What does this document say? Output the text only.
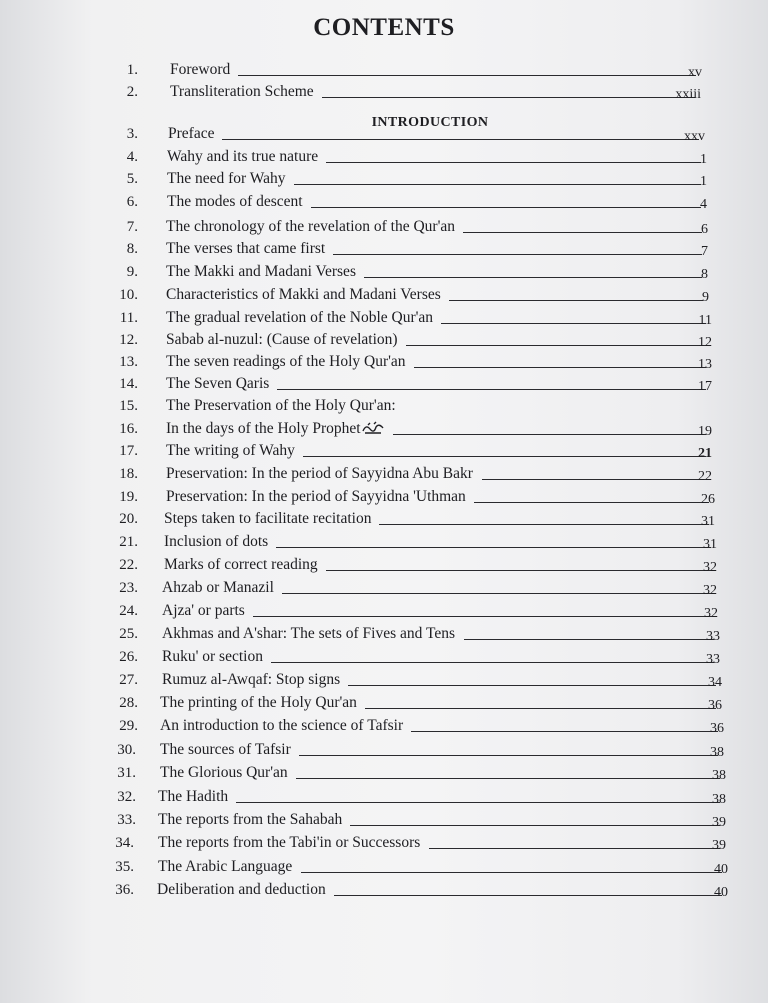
CONTENTS
INTRODUCTION
1. Foreword	xv
2. Transliteration Scheme	xxiii
3. Preface	xxv
4. Wahy and its true nature	1
5. The need for Wahy	1
6. The modes of descent	4
7. The chronology of the revelation of the Qur'an	6
8. The verses that came first	7
9. The Makki and Madani Verses	8
10. Characteristics of Makki and Madani Verses	9
11. The gradual revelation of the Noble Qur'an	11
12. Sabab al-nuzul: (Cause of revelation)	12
13. The seven readings of the Holy Qur'an	13
14. The Seven Qaris	17
15. The Preservation of the Holy Qur'an:
16. In the days of the Holy Prophet	19
17. The writing of Wahy	21
18. Preservation: In the period of Sayyidna Abu Bakr	22
19. Preservation: In the period of Sayyidna 'Uthman	26
20. Steps taken to facilitate recitation	31
21. Inclusion of dots	31
22. Marks of correct reading	32
23. Ahzab or Manazil	32
24. Ajza' or parts	32
25. Akhmas and A'shar: The sets of Fives and Tens	33
26. Ruku' or section	33
27. Rumuz al-Awqaf: Stop signs	34
28. The printing of the Holy Qur'an	36
29. An introduction to the science of Tafsir	36
30. The sources of Tafsir	38
31. The Glorious Qur'an	38
32. The Hadith	38
33. The reports from the Sahabah	39
34. The reports from the Tabi'in or Successors	39
35. The Arabic Language	40
36. Deliberation and deduction	40
